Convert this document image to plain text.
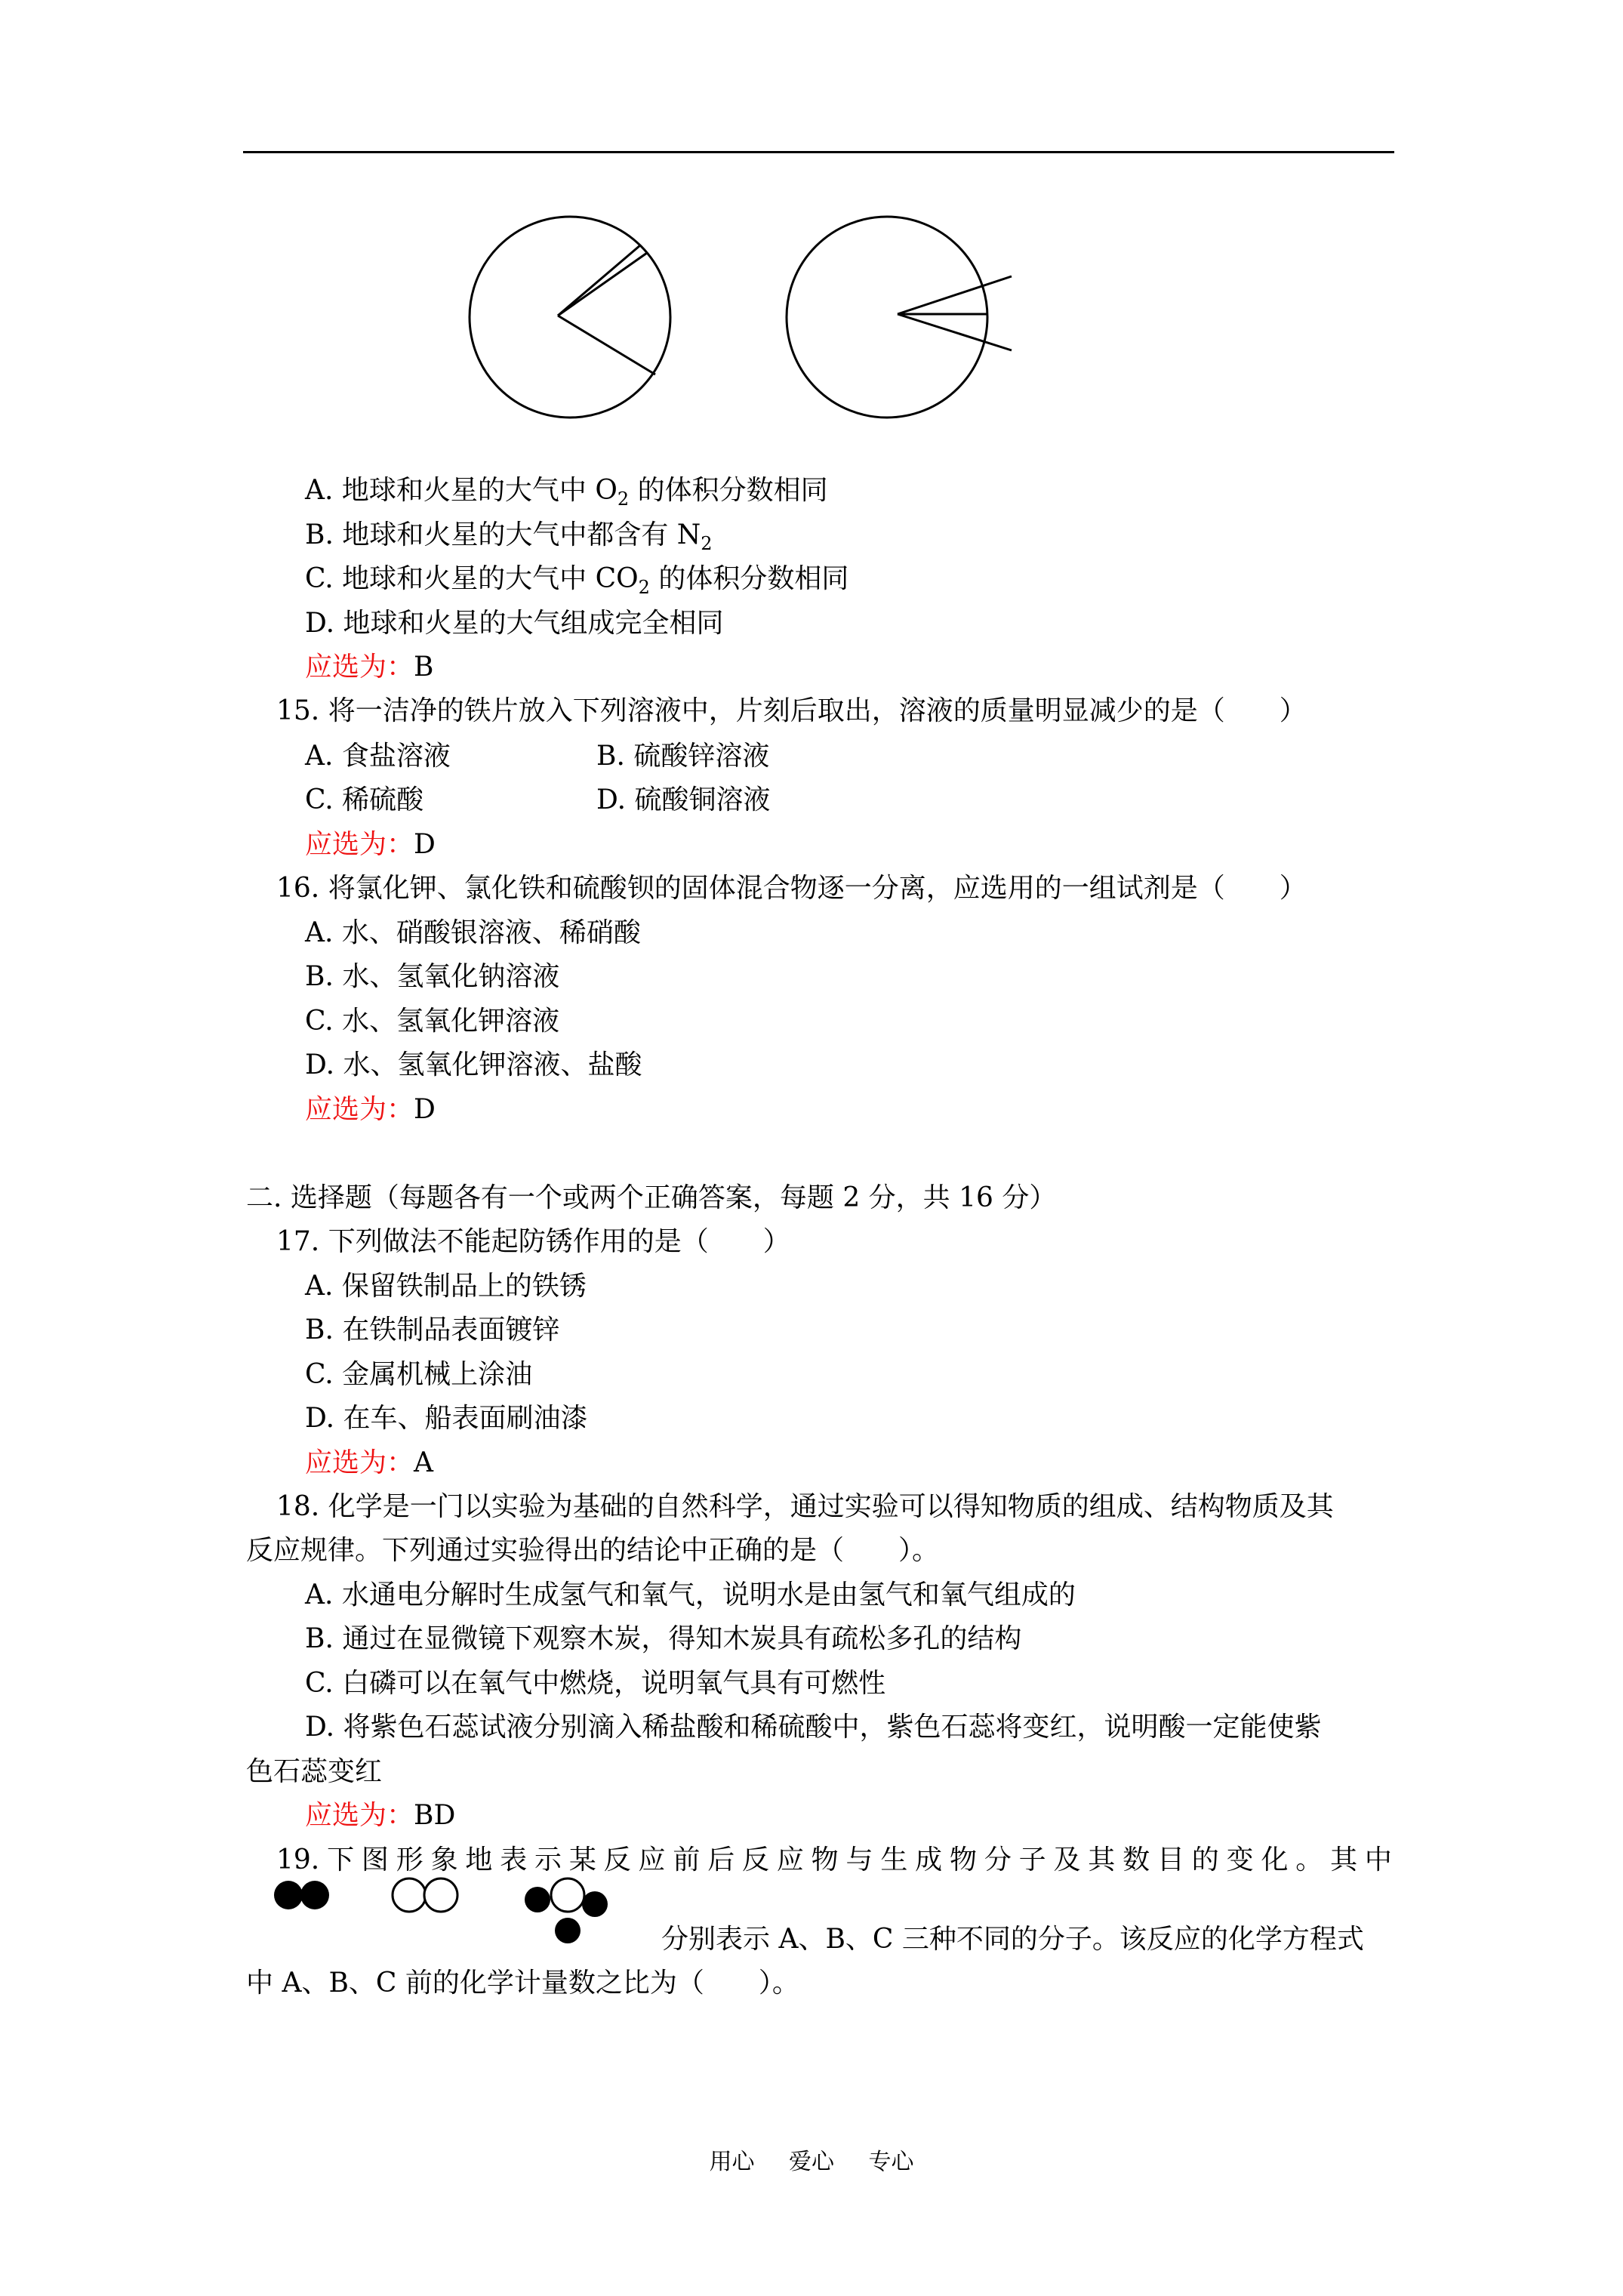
A. 地球和火星的大气中 $O_2$ 的体积分数相同
B. 地球和火星的大气中都含有 $N_2$
C. 地球和火星的大气中 $CO_2$ 的体积分数相同
D. 地球和火星的大气组成完全相同
应选为：B
15. 将一洁净的铁片放入下列溶液中，片刻后取出，溶液的质量明显减少的是（　　）
A. 食盐溶液	B. 硫酸锌溶液
C. 稀硫酸	D. 硫酸铜溶液
应选为：D
16. 将氯化钾、氯化铁和硫酸钡的固体混合物逐一分离，应选用的一组试剂是（　　）
A. 水、硝酸银溶液、稀硝酸
B. 水、氢氧化钠溶液
C. 水、氢氧化钾溶液
D. 水、氢氧化钾溶液、盐酸
应选为：D
二. 选择题（每题各有一个或两个正确答案，每题 2 分，共 16 分）
17. 下列做法不能起防锈作用的是（　　）
A. 保留铁制品上的铁锈
B. 在铁制品表面镀锌
C. 金属机械上涂油
D. 在车、船表面刷油漆
应选为：A
18. 化学是一门以实验为基础的自然科学，通过实验可以得知物质的组成、结构物质及其
反应规律。下列通过实验得出的结论中正确的是（　　）。
A. 水通电分解时生成氢气和氧气，说明水是由氢气和氧气组成的
B. 通过在显微镜下观察木炭，得知木炭具有疏松多孔的结构
C. 白磷可以在氧气中燃烧，说明氧气具有可燃性
D. 将紫色石蕊试液分别滴入稀盐酸和稀硫酸中，紫色石蕊将变红，说明酸一定能使紫
色石蕊变红
应选为：BD
19. 下 图 形 象 地 表 示 某 反 应 前 后 反 应 物 与 生 成 物 分 子 及 其 数 目 的 变 化 。 其 中
分别表示 A、B、C 三种不同的分子。该反应的化学方程式
中 A、B、C 前的化学计量数之比为（　　）。
用心 爱心 专心
